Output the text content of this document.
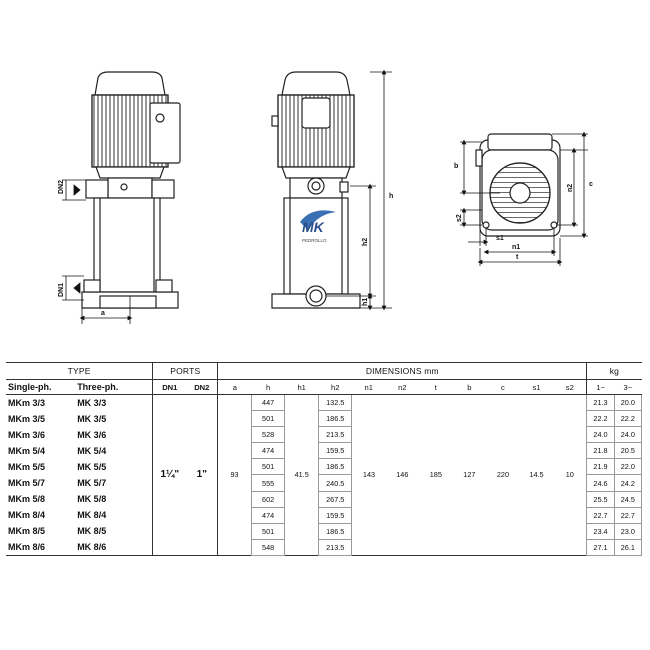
DN2
DN1
a
MK
PEDROLLO
h
h2
h1
b
c
n2
s2
s1
n1
t
TYPE		PORTS		DIMENSIONS mm											kg	
Single-ph.	Three-ph.	DN1	DN2	a	h	h1	h2	n1	n2	t	b	c	s1	s2	1~	3~
MKm 3/3	MK 3/3	1¼"	1"	93	447	41.5	132.5	143	146	185	127	220	14.5	10	21.3	20.0
MKm 3/5	MK 3/5				501		186.5								22.2	22.2
MKm 3/6	MK 3/6				528		213.5								24.0	24.0
MKm 5/4	MK 5/4				474		159.5								21.8	20.5
MKm 5/5	MK 5/5				501		186.5								21.9	22.0
MKm 5/7	MK 5/7				555		240.5								24.6	24.2
MKm 5/8	MK 5/8				602		267.5								25.5	24.5
MKm 8/4	MK 8/4				474		159.5								22.7	22.7
MKm 8/5	MK 8/5				501		186.5								23.4	23.0
MKm 8/6	MK 8/6				548		213.5								27.1	26.1
